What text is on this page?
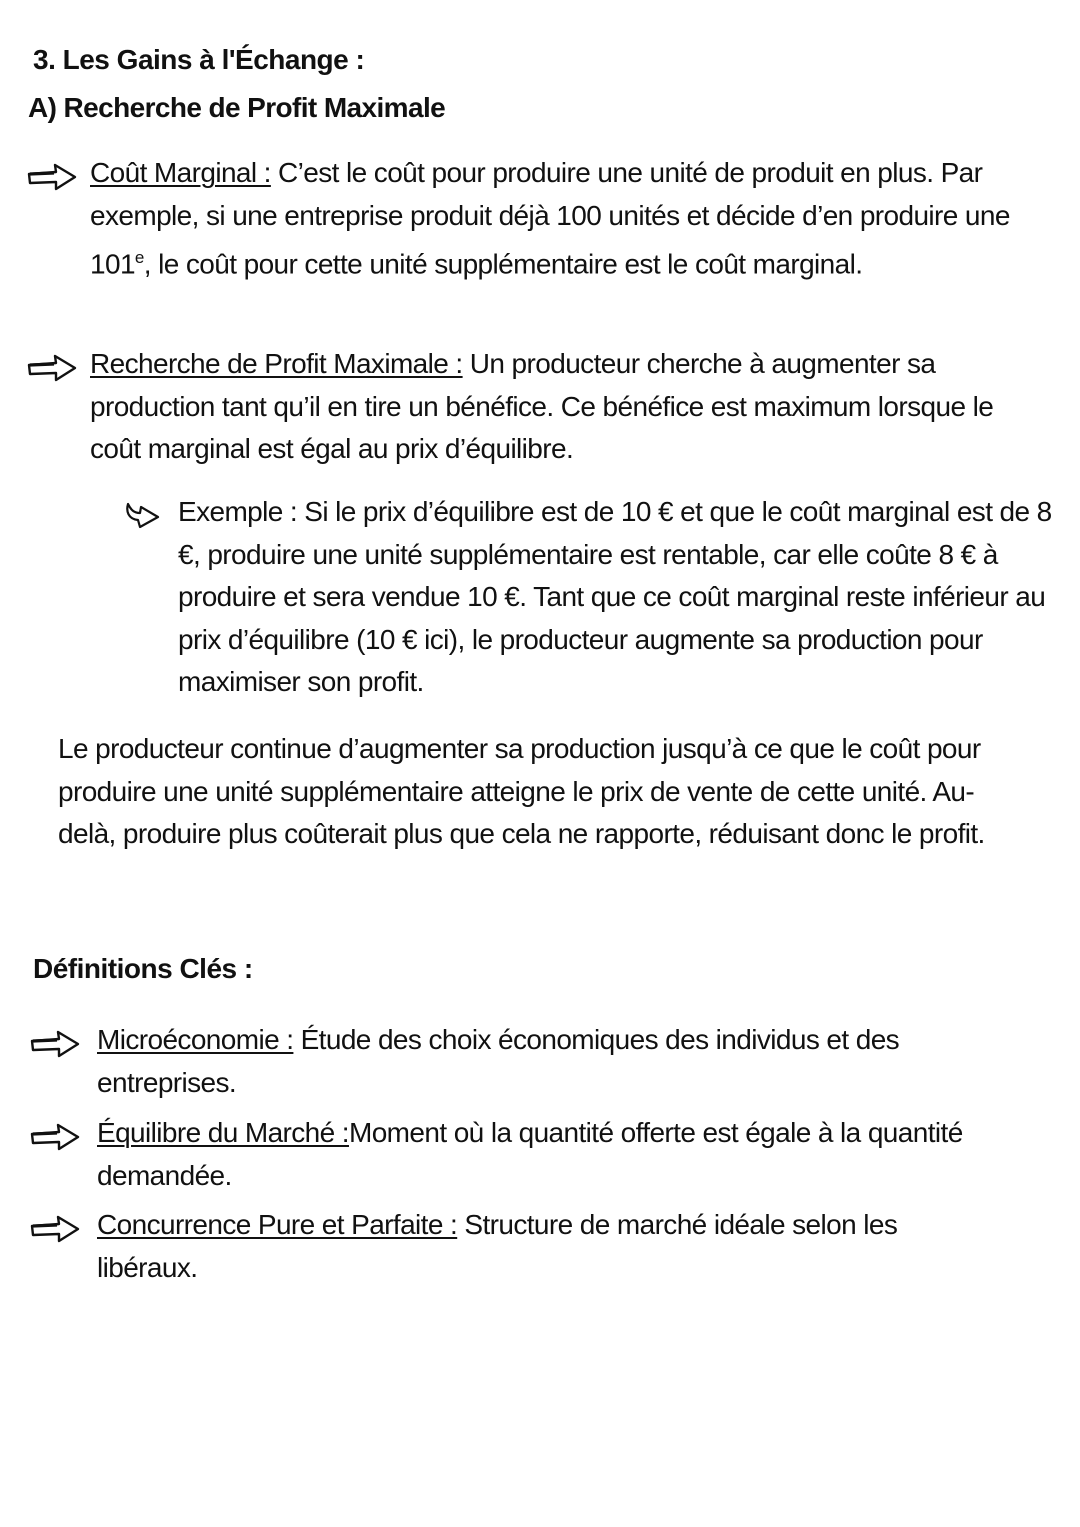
3. Les Gains à l'Échange :
A) Recherche de Profit Maximale
Coût Marginal : C’est le coût pour produire une unité de produit en plus. Par exemple, si une entreprise produit déjà 100 unités et décide d’en produire une 101e, le coût pour cette unité supplémentaire est le coût marginal.
Recherche de Profit Maximale : Un producteur cherche à augmenter sa production tant qu’il en tire un bénéfice. Ce bénéfice est maximum lorsque le coût marginal est égal au prix d’équilibre.
Exemple : Si le prix d’équilibre est de 10 € et que le coût marginal est de 8 €, produire une unité supplémentaire est rentable, car elle coûte 8 € à produire et sera vendue 10 €. Tant que ce coût marginal reste inférieur au prix d’équilibre (10 € ici), le producteur augmente sa production pour maximiser son profit.

Le producteur continue d’augmenter sa production jusqu’à ce que le coût pour produire une unité supplémentaire atteigne le prix de vente de cette unité. Au-delà, produire plus coûterait plus que cela ne rapporte, réduisant donc le profit.

Définitions Clés :
Microéconomie : Étude des choix économiques des individus et des entreprises.
Équilibre du Marché :Moment où la quantité offerte est égale à la quantité demandée.
Concurrence Pure et Parfaite : Structure de marché idéale selon les libéraux.
